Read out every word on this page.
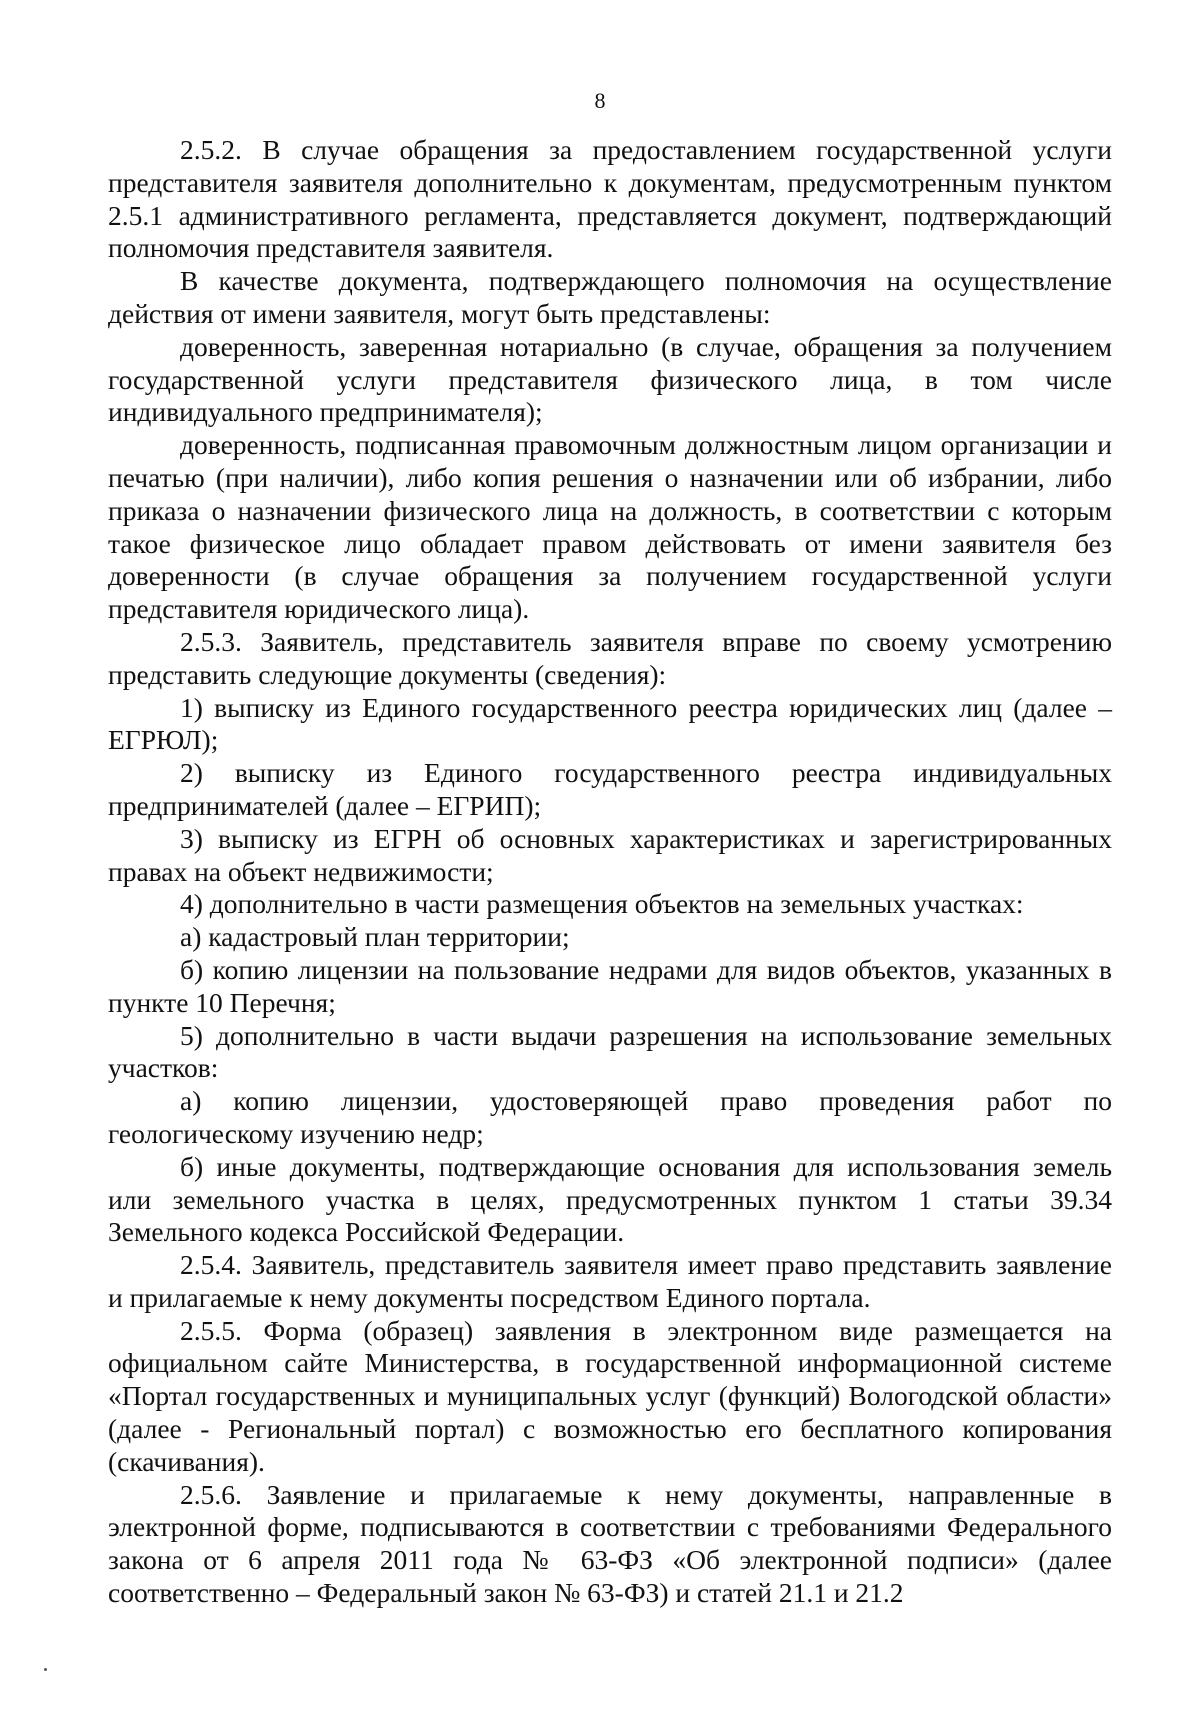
8

2.5.2. В случае обращения за предоставлением государственной услуги представителя заявителя дополнительно к документам, предусмотренным пунктом 2.5.1 административного регламента, представляется документ, подтверждающий полномочия представителя заявителя.

В качестве документа, подтверждающего полномочия на осуществление действия от имени заявителя, могут быть представлены:

доверенность, заверенная нотариально (в случае, обращения за получением государственной услуги представителя физического лица, в том числе индивидуального предпринимателя);

доверенность, подписанная правомочным должностным лицом организации и печатью (при наличии), либо копия решения о назначении или об избрании, либо приказа о назначении физического лица на должность, в соответствии с которым такое физическое лицо обладает правом действовать от имени заявителя без доверенности (в случае обращения за получением государственной услуги представителя юридического лица).

2.5.3. Заявитель, представитель заявителя вправе по своему усмотрению представить следующие документы (сведения):

1) выписку из Единого государственного реестра юридических лиц (далее – ЕГРЮЛ);

2) выписку из Единого государственного реестра индивидуальных предпринимателей (далее – ЕГРИП);

3) выписку из ЕГРН об основных характеристиках и зарегистрированных правах на объект недвижимости;

4) дополнительно в части размещения объектов на земельных участках:

а) кадастровый план территории;

б) копию лицензии на пользование недрами для видов объектов, указанных в пункте 10 Перечня;

5) дополнительно в части выдачи разрешения на использование земельных участков:

а) копию лицензии, удостоверяющей право проведения работ по геологическому изучению недр;

б) иные документы, подтверждающие основания для использования земель или земельного участка в целях, предусмотренных пунктом 1 статьи 39.34 Земельного кодекса Российской Федерации.

2.5.4. Заявитель, представитель заявителя имеет право представить заявление и прилагаемые к нему документы посредством Единого портала.

2.5.5. Форма (образец) заявления в электронном виде размещается на официальном сайте Министерства, в государственной информационной системе «Портал государственных и муниципальных услуг (функций) Вологодской области» (далее - Региональный портал) с возможностью его бесплатного копирования (скачивания).

2.5.6. Заявление и прилагаемые к нему документы, направленные в электронной форме, подписываются в соответствии с требованиями Федерального закона от 6 апреля 2011 года № 63-ФЗ «Об электронной подписи» (далее соответственно – Федеральный закон № 63-ФЗ) и статей 21.1 и 21.2
